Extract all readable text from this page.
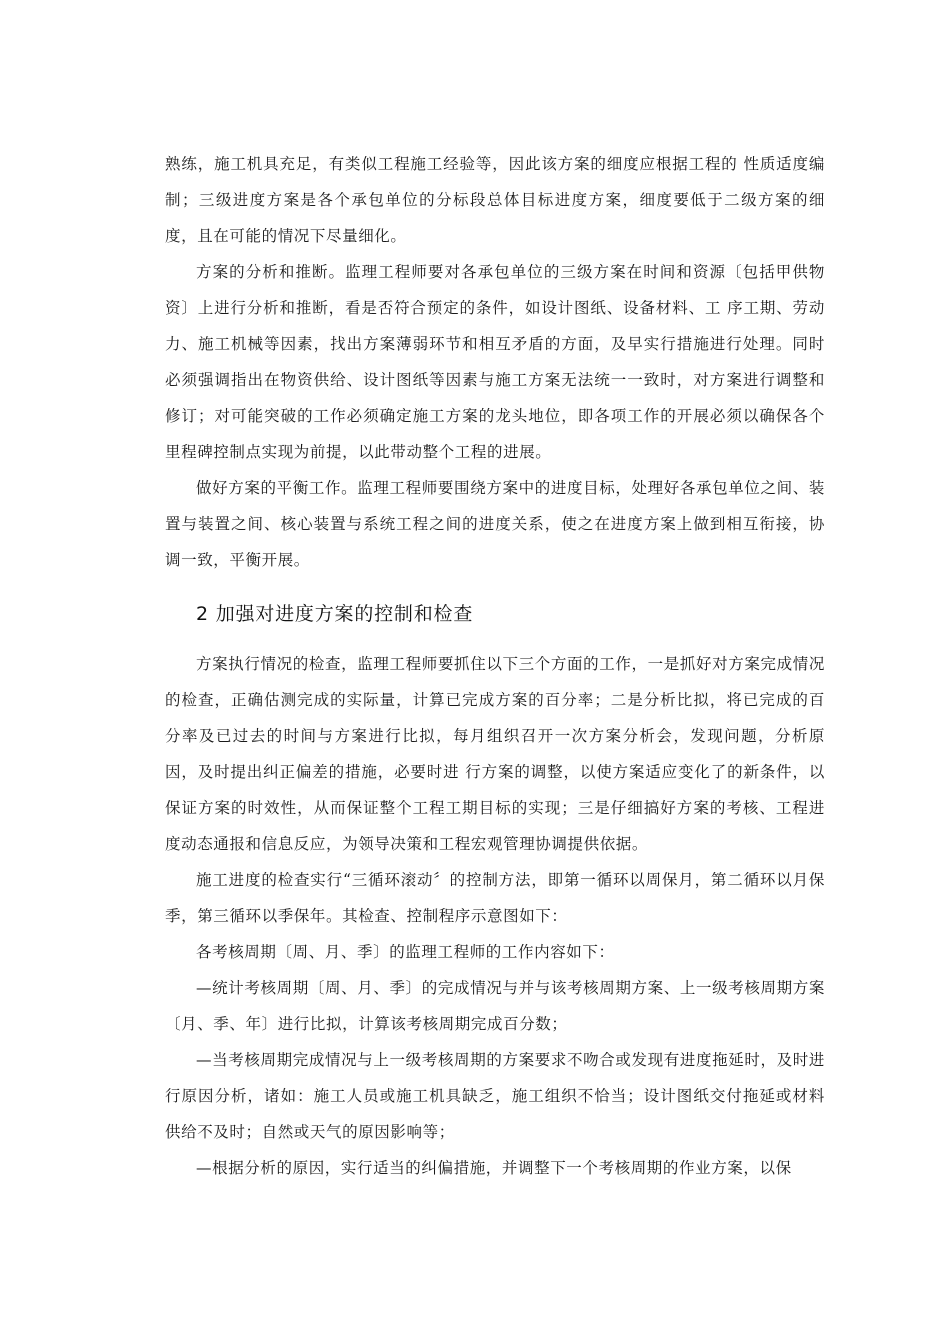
熟练，施工机具充足，有类似工程施工经验等，因此该方案的细度应根据工程的 性质适度编制；三级进度方案是各个承包单位的分标段总体目标进度方案，细度要低于二级方案的细度，且在可能的情况下尽量细化。

方案的分析和推断。监理工程师要对各承包单位的三级方案在时间和资源〔包括甲供物资〕上进行分析和推断，看是否符合预定的条件，如设计图纸、设备材料、工 序工期、劳动力、施工机械等因素，找出方案薄弱环节和相互矛盾的方面，及早实行措施进行处理。同时必须强调指出在物资供给、设计图纸等因素与施工方案无法统一一致时，对方案进行调整和修订；对可能突破的工作必须确定施工方案的龙头地位，即各项工作的开展必须以确保各个里程碑控制点实现为前提，以此带动整个工程的进展。

做好方案的平衡工作。监理工程师要围绕方案中的进度目标，处理好各承包单位之间、装置与装置之间、核心装置与系统工程之间的进度关系，使之在进度方案上做到相互衔接，协调一致，平衡开展。

2 加强对进度方案的控制和检查

方案执行情况的检查，监理工程师要抓住以下三个方面的工作，一是抓好对方案完成情况的检查，正确估测完成的实际量，计算已完成方案的百分率；二是分析比拟，将已完成的百分率及已过去的时间与方案进行比拟，每月组织召开一次方案分析会，发现问题，分析原因，及时提出纠正偏差的措施，必要时进 行方案的调整，以使方案适应变化了的新条件，以保证方案的时效性，从而保证整个工程工期目标的实现；三是仔细搞好方案的考核、工程进度动态通报和信息反应，为领导决策和工程宏观管理协调提供依据。

施工进度的检查实行“三循环滚动〞的控制方法，即第一循环以周保月，第二循环以月保季，第三循环以季保年。其检查、控制程序示意图如下：

各考核周期〔周、月、季〕的监理工程师的工作内容如下：

—统计考核周期〔周、月、季〕的完成情况与并与该考核周期方案、上一级考核周期方案〔月、季、年〕进行比拟，计算该考核周期完成百分数；

—当考核周期完成情况与上一级考核周期的方案要求不吻合或发现有进度拖延时，及时进行原因分析，诸如：施工人员或施工机具缺乏，施工组织不恰当；设计图纸交付拖延或材料供给不及时；自然或天气的原因影响等；

—根据分析的原因，实行适当的纠偏措施，并调整下一个考核周期的作业方案，以保
